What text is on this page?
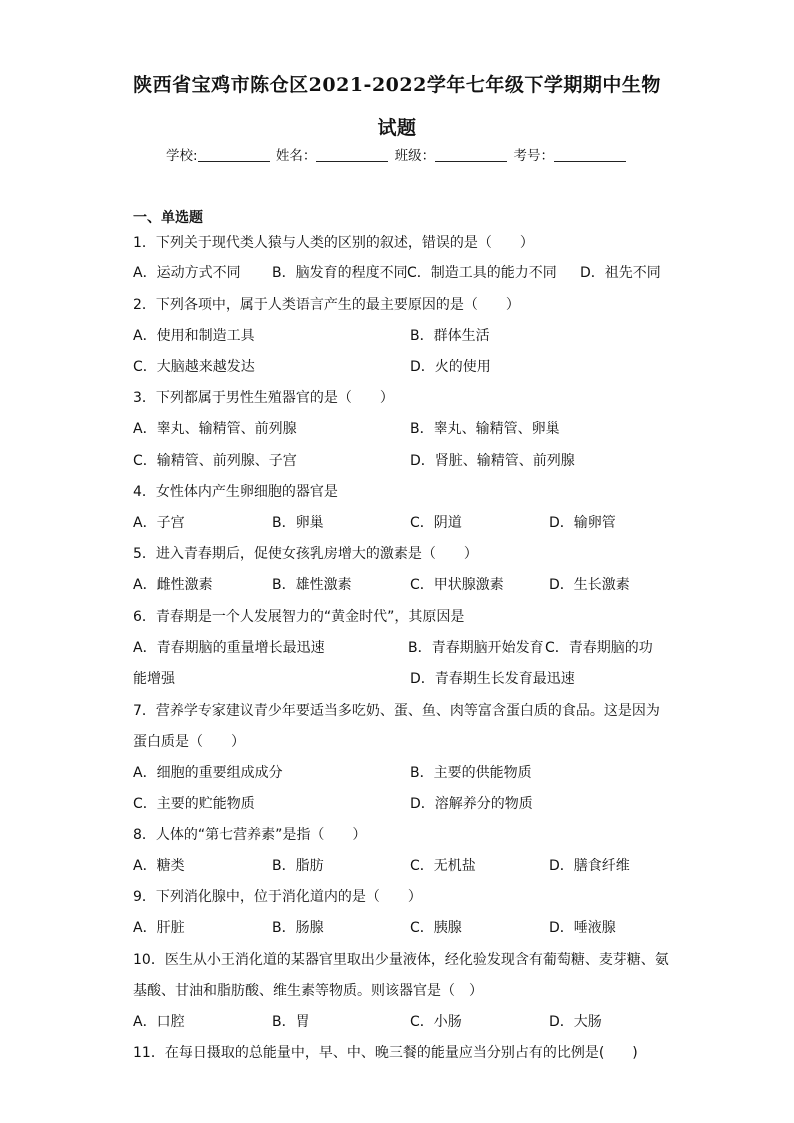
陕西省宝鸡市陈仓区2021-2022学年七年级下学期期中生物
试题
学校:	姓名：	班级：	考号：
一、单选题
1．下列关于现代类人猿与人类的区别的叙述，错误的是（　　）
A．运动方式不同 B．脑发育的程度不同 C．制造工具的能力不同 D．祖先不同
2．下列各项中，属于人类语言产生的最主要原因的是（　　）
A．使用和制造工具	B．群体生活
C．大脑越来越发达	D．火的使用
3．下列都属于男性生殖器官的是（　　）
A．睾丸、输精管、前列腺	B．睾丸、输精管、卵巢
C．输精管、前列腺、子宫	D．肾脏、输精管、前列腺
4．女性体内产生卵细胞的器官是
A．子宫	B．卵巢	C．阴道	D．输卵管
5．进入青春期后，促使女孩乳房增大的激素是（　　）
A．雌性激素	B．雄性激素	C．甲状腺激素	D．生长激素
6．青春期是一个人发展智力的“黄金时代”，其原因是
A．青春期脑的重量增长最迅速	B．青春期脑开始发育 C．青春期脑的功
能增强	D．青春期生长发育最迅速
7．营养学专家建议青少年要适当多吃奶、蛋、鱼、肉等富含蛋白质的食品。这是因为
蛋白质是（　　）
A．细胞的重要组成成分	B．主要的供能物质
C．主要的贮能物质	D．溶解养分的物质
8．人体的“第七营养素”是指（　　）
A．糖类	B．脂肪	C．无机盐	D．膳食纤维
9．下列消化腺中，位于消化道内的是（　　）
A．肝脏	B．肠腺	C．胰腺	D．唾液腺
10．医生从小王消化道的某器官里取出少量液体，经化验发现含有葡萄糖、麦芽糖、氨
基酸、甘油和脂肪酸、维生素等物质。则该器官是（　）
A．口腔	B．胃	C．小肠	D．大肠
11．在每日摄取的总能量中，早、中、晚三餐的能量应当分别占有的比例是(　　)
